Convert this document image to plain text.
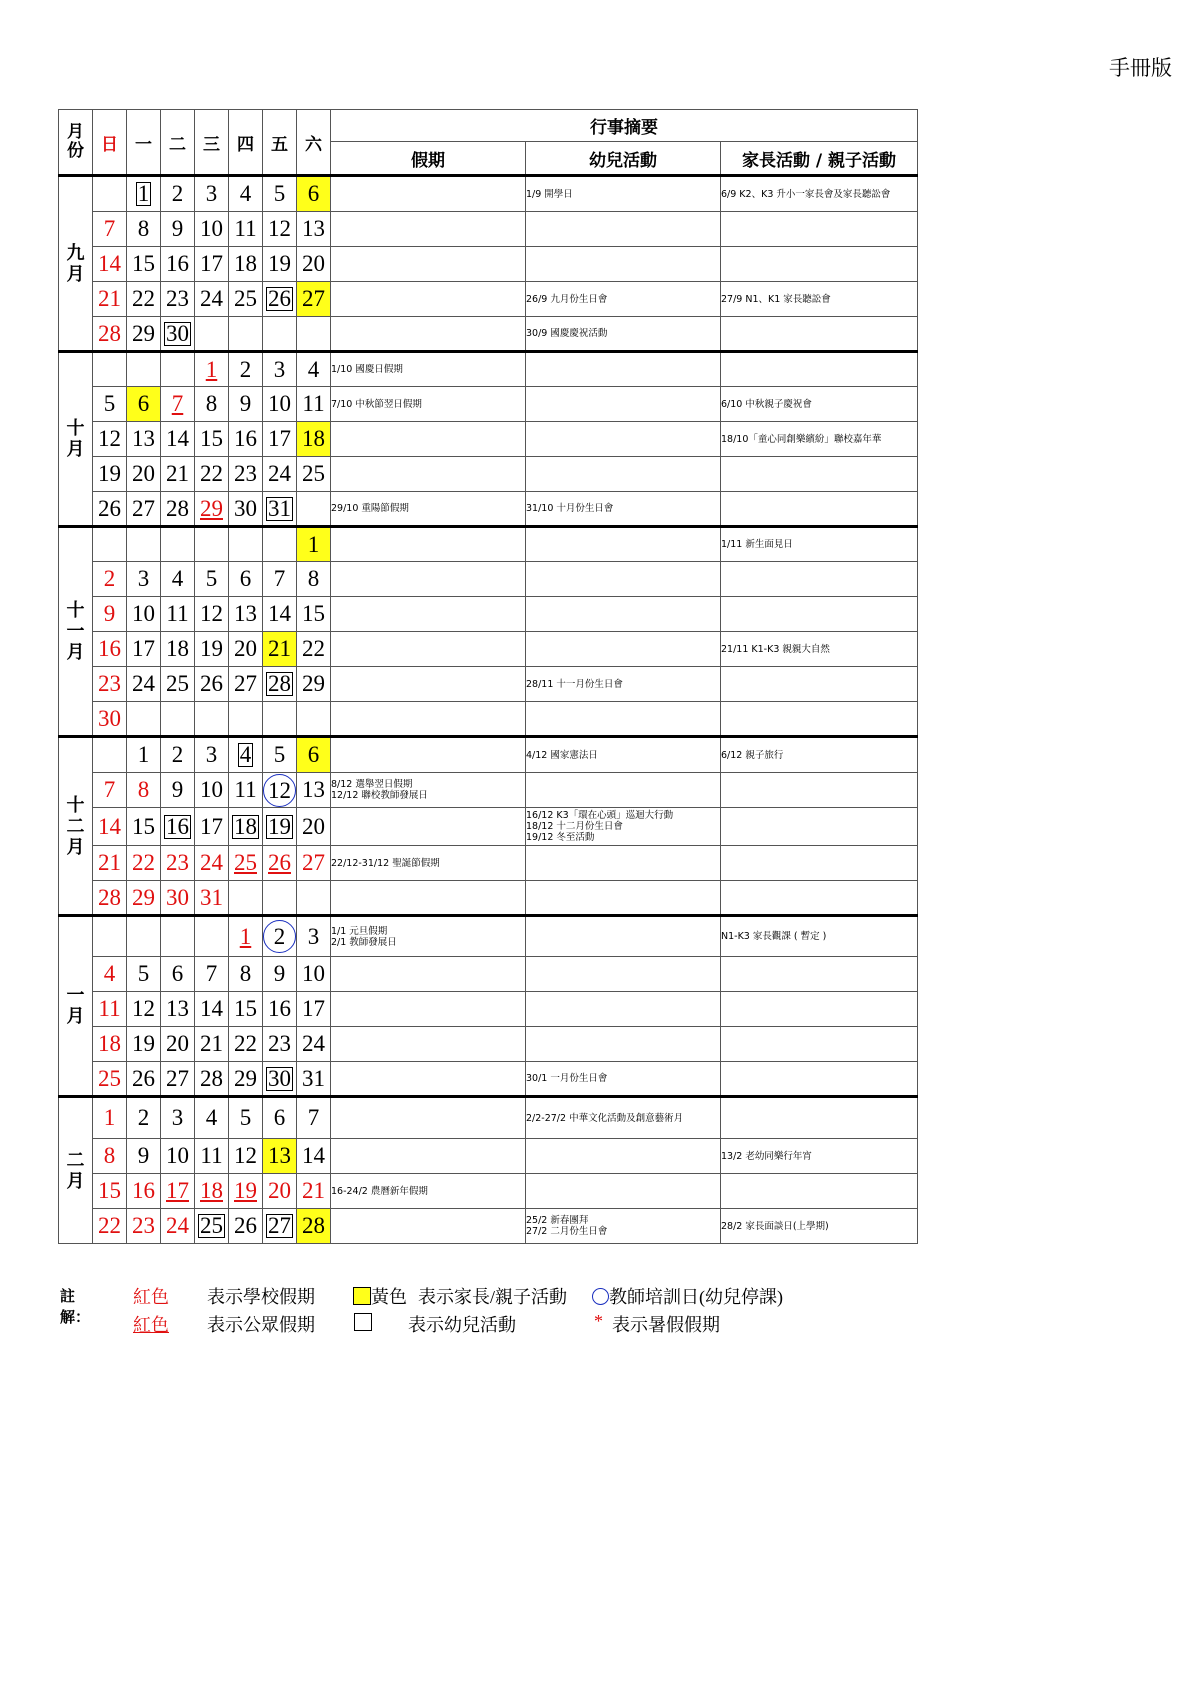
手冊版
月份	日	一	二	三	四	五	六	行事摘要		
								假期	幼兒活動	家長活動 / 親子活動

九
月		1	2	3	4	5	6		1/9 開學日	6/9 K2、K3 升小一家長會及家長聽訟會

	7	8	9	10	11	12	13			
	14	15	16	17	18	19	20			
	21	22	23	24	25	26	27		26/9 九月份生日會	27/9 N1、K1 家長聽訟會

	28	29	30						30/9 國慶慶祝活動	

十
月				1	2	3	4	1/10 國慶日假期		

	5	6	7	8	9	10	11	7/10 中秋節翌日假期		6/10 中秋親子慶祝會

	12	13	14	15	16	17	18			18/10「童心同創樂繽紛」聯校嘉年華

	19	20	21	22	23	24	25			
	26	27	28	29	30	31		29/10 重陽節假期	31/10 十月份生日會	

十
一
月							1			1/11 新生面見日

	2	3	4	5	6	7	8			
	9	10	11	12	13	14	15			
	16	17	18	19	20	21	22			21/11 K1-K3 親親大自然

	23	24	25	26	27	28	29		28/11 十一月份生日會	

	30									

十
二
月		1	2	3	4	5	6		4/12 國家憲法日	6/12 親子旅行

	7	8	9	10	11	12	13	8/12 選舉翌日假期
12/12 聯校教師發展日		

	14	15	16	17	18	19	20		16/12 K3「環在心頭」巡迴大行動
18/12 十二月份生日會
19/12 冬至活動	

	21	22	23	24	25	26	27	22/12-31/12 聖誕節假期		

	28	29	30	31						

一
月					1	2	3	1/1 元旦假期
2/1 教師發展日		N1-K3 家長觀課 ( 暫定 )

	4	5	6	7	8	9	10			
	11	12	13	14	15	16	17			
	18	19	20	21	22	23	24			
	25	26	27	28	29	30	31		30/1 一月份生日會	

二
月	1	2	3	4	5	6	7		2/2-27/2 中華文化活動及創意藝術月	

	8	9	10	11	12	13	14			13/2 老幼同樂行年宵

	15	16	17	18	19	20	21	16-24/2 農曆新年假期		

	22	23	24	25	26	27	28		25/2 新春團拜
27/2 二月份生日會	28/2 家長面談日(上學期)
註解：
紅色 表示學校假期	黃色 表示家長/親子活動	教師培訓日(幼兒停課)
紅色 表示公眾假期	表示幼兒活動	* 表示暑假假期
